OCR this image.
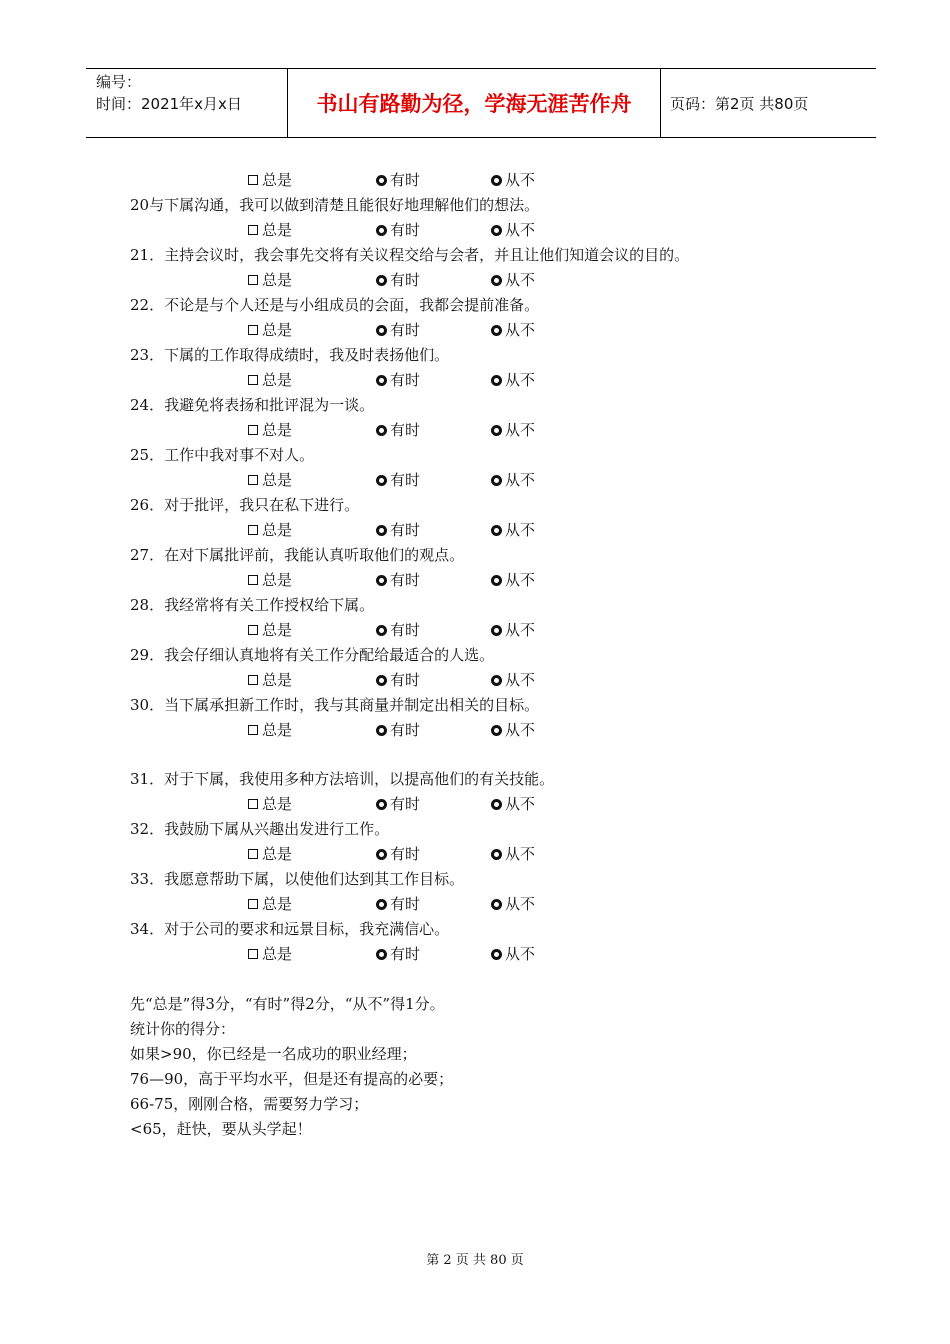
编号：
时间：2021年x月x日	书山有路勤为径，学海无涯苦作舟	页码：第2页 共80页
总是	有时	从不
20与下属沟通，我可以做到清楚且能很好地理解他们的想法。
总是	有时	从不
21．主持会议时，我会事先交将有关议程交给与会者，并且让他们知道会议的目的。
总是	有时	从不
22．不论是与个人还是与小组成员的会面，我都会提前准备。
总是	有时	从不
23．下属的工作取得成绩时，我及时表扬他们。
总是	有时	从不
24．我避免将表扬和批评混为一谈。
总是	有时	从不
25．工作中我对事不对人。
总是	有时	从不
26．对于批评，我只在私下进行。
总是	有时	从不
27．在对下属批评前，我能认真听取他们的观点。
总是	有时	从不
28．我经常将有关工作授权给下属。
总是	有时	从不
29．我会仔细认真地将有关工作分配给最适合的人选。
总是	有时	从不
30．当下属承担新工作时，我与其商量并制定出相关的目标。
总是	有时	从不
31．对于下属，我使用多种方法培训，以提高他们的有关技能。
总是	有时	从不
32．我鼓励下属从兴趣出发进行工作。
总是	有时	从不
33．我愿意帮助下属，以使他们达到其工作目标。
总是	有时	从不
34．对于公司的要求和远景目标，我充满信心。
总是	有时	从不
先“总是”得3分，“有时”得2分，“从不”得1分。
统计你的得分：
如果>90，你已经是一名成功的职业经理；
76—90，高于平均水平，但是还有提高的必要；
66-75，刚刚合格，需要努力学习；
<65，赶快，要从头学起！
第 2 页 共 80 页
